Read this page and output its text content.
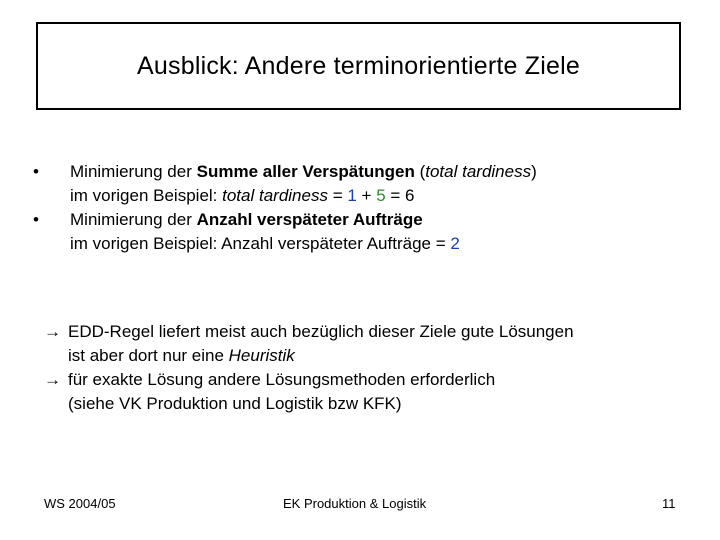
Ausblick: Andere terminorientierte Ziele
• Minimierung der Summe aller Verspätungen (total tardiness)
im vorigen Beispiel: total tardiness = 1 + 5 = 6
• Minimierung der Anzahl verspäteter Aufträge
im vorigen Beispiel: Anzahl verspäteter Aufträge = 2
→ EDD-Regel liefert meist auch bezüglich dieser Ziele gute Lösungen
ist aber dort nur eine Heuristik
→ für exakte Lösung andere Lösungsmethoden erforderlich
(siehe VK Produktion und Logistik bzw KFK)
WS 2004/05	EK Produktion & Logistik	11
